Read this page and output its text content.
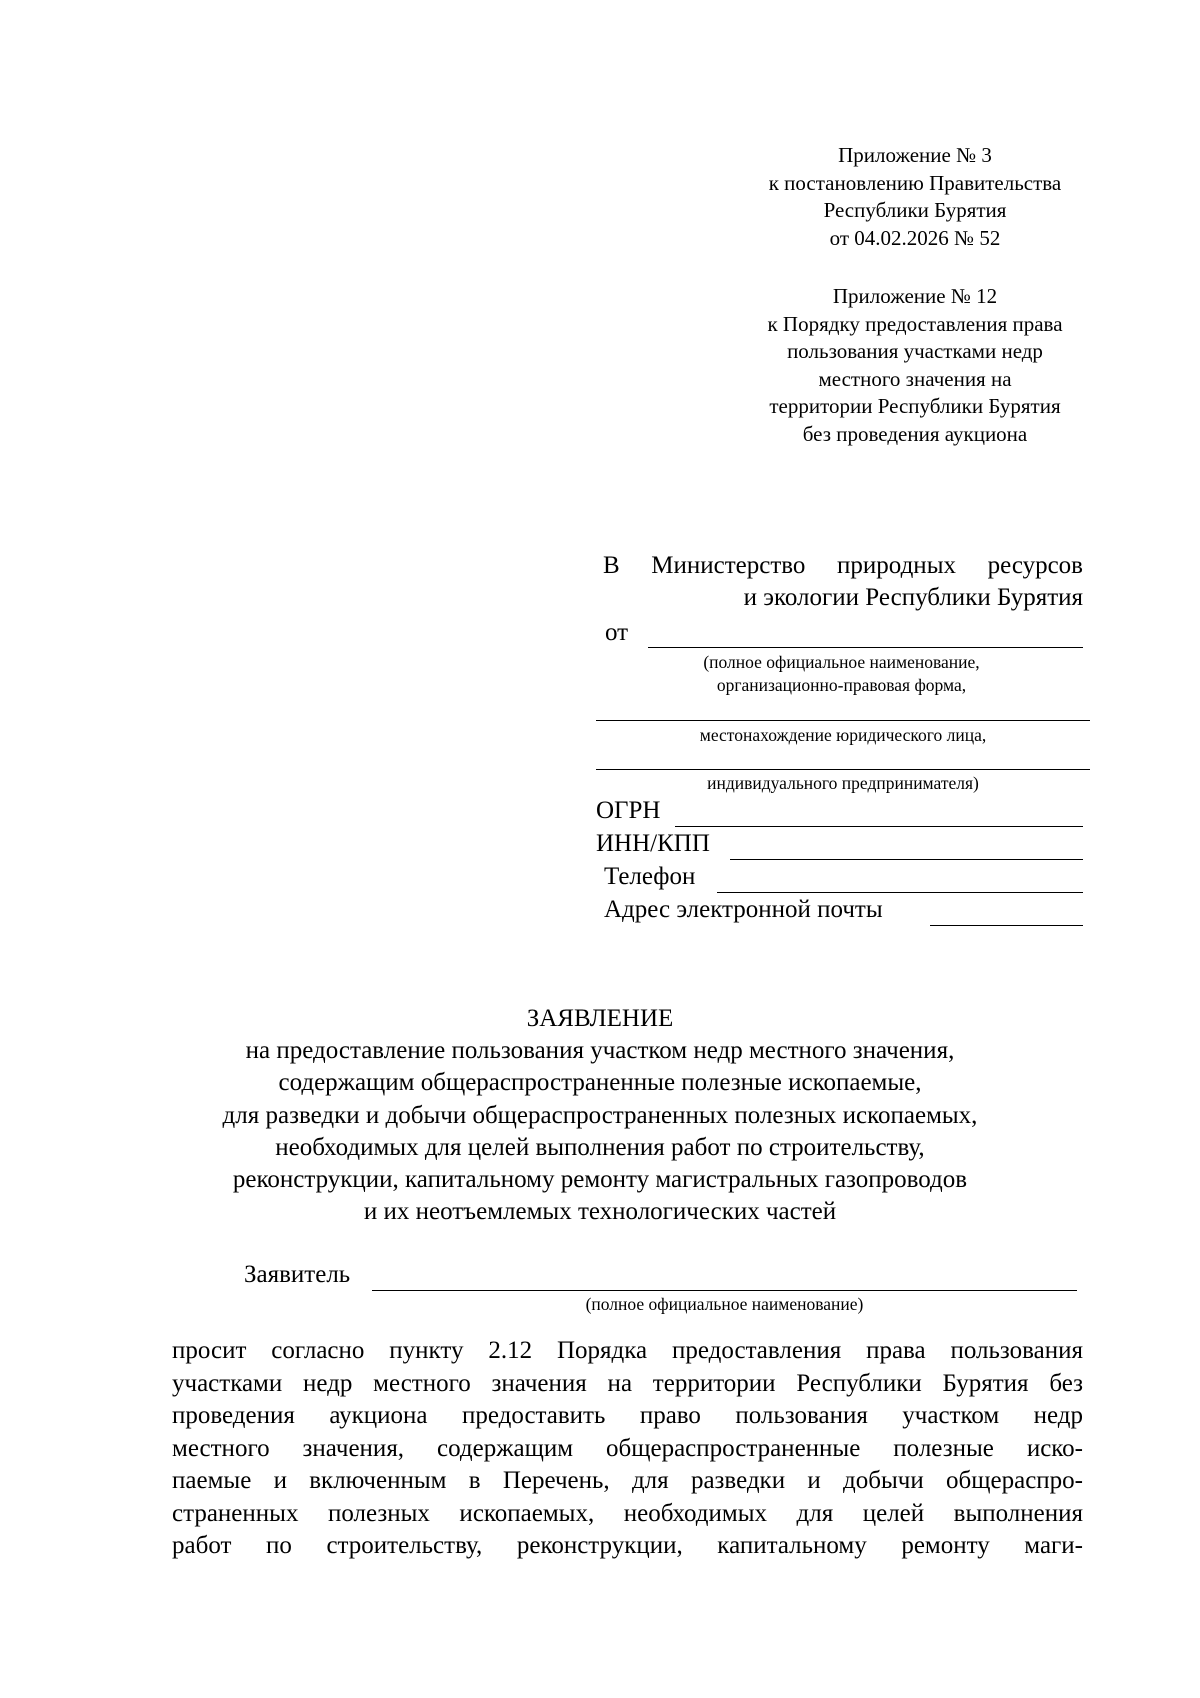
Приложение № 3
к постановлению Правительства
Республики Бурятия
от 04.02.2026 № 52
Приложение № 12
к Порядку предоставления права
пользования участками недр
местного значения на
территории Республики Бурятия
без проведения аукциона
В Министерство природных ресурсов
и экологии Республики Бурятия
от
(полное официальное наименование,
организационно-правовая форма,
местонахождение юридического лица,
индивидуального предпринимателя)
ОГРН
ИНН/КПП
Телефон
Адрес электронной почты
ЗАЯВЛЕНИЕ
на предоставление пользования участком недр местного значения,
содержащим общераспространенные полезные ископаемые,
для разведки и добычи общераспространенных полезных ископаемых,
необходимых для целей выполнения работ по строительству,
реконструкции, капитальному ремонту магистральных газопроводов
и их неотъемлемых технологических частей
Заявитель
(полное официальное наименование)
просит согласно пункту 2.12 Порядка предоставления права пользования
участками недр местного значения на территории Республики Бурятия без
проведения аукциона предоставить право пользования участком недр
местного значения, содержащим общераспространенные полезные иско-
паемые и включенным в Перечень, для разведки и добычи общераспро-
страненных полезных ископаемых, необходимых для целей выполнения
работ по строительству, реконструкции, капитальному ремонту маги-
